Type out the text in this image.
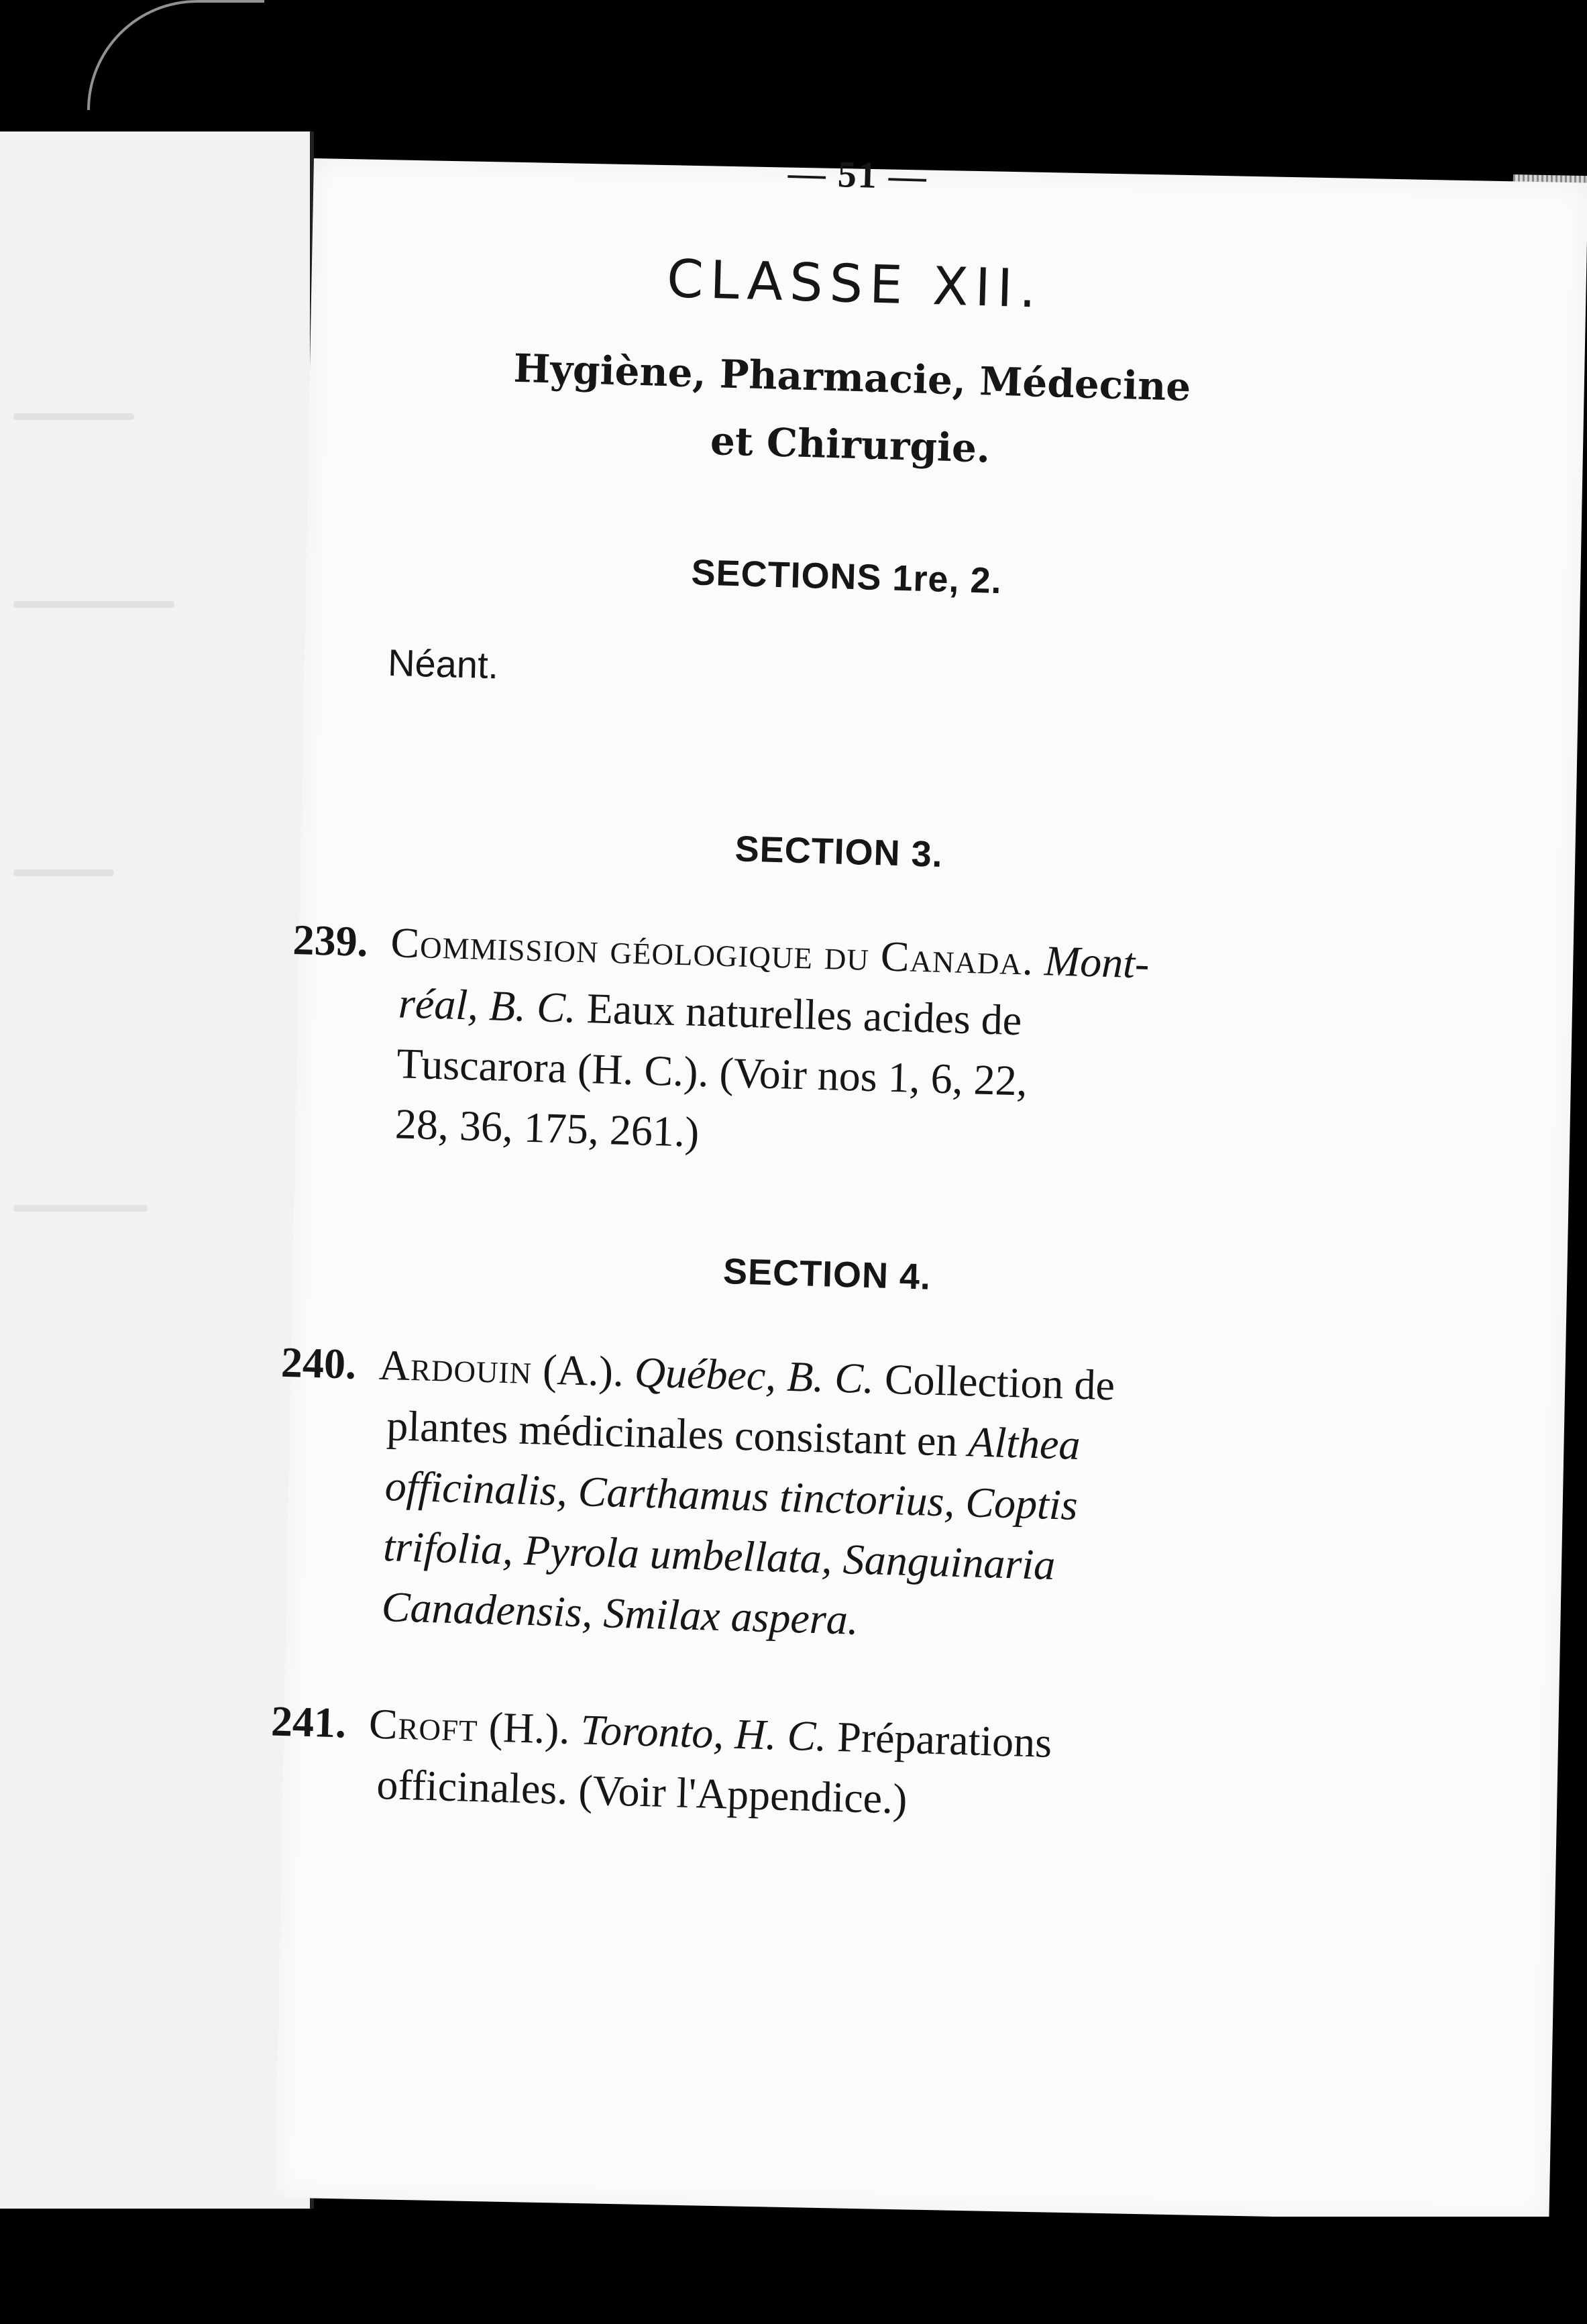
— 51 —
CLASSE XII.
Hygiène, Pharmacie, Médecine
et Chirurgie.
SECTIONS 1re, 2.
Néant.
SECTION 3.
239. Commission géologique du Canada. Mont-
réal, B. C. Eaux naturelles acides de
Tuscarora (H. C.). (Voir nos 1, 6, 22,
28, 36, 175, 261.)
SECTION 4.
240. Ardouin (A.). Québec, B. C. Collection de
plantes médicinales consistant en Althea
officinalis, Carthamus tinctorius, Coptis
trifolia, Pyrola umbellata, Sanguinaria
Canadensis, Smilax aspera.
241. Croft (H.). Toronto, H. C. Préparations
officinales. (Voir l'Appendice.)
